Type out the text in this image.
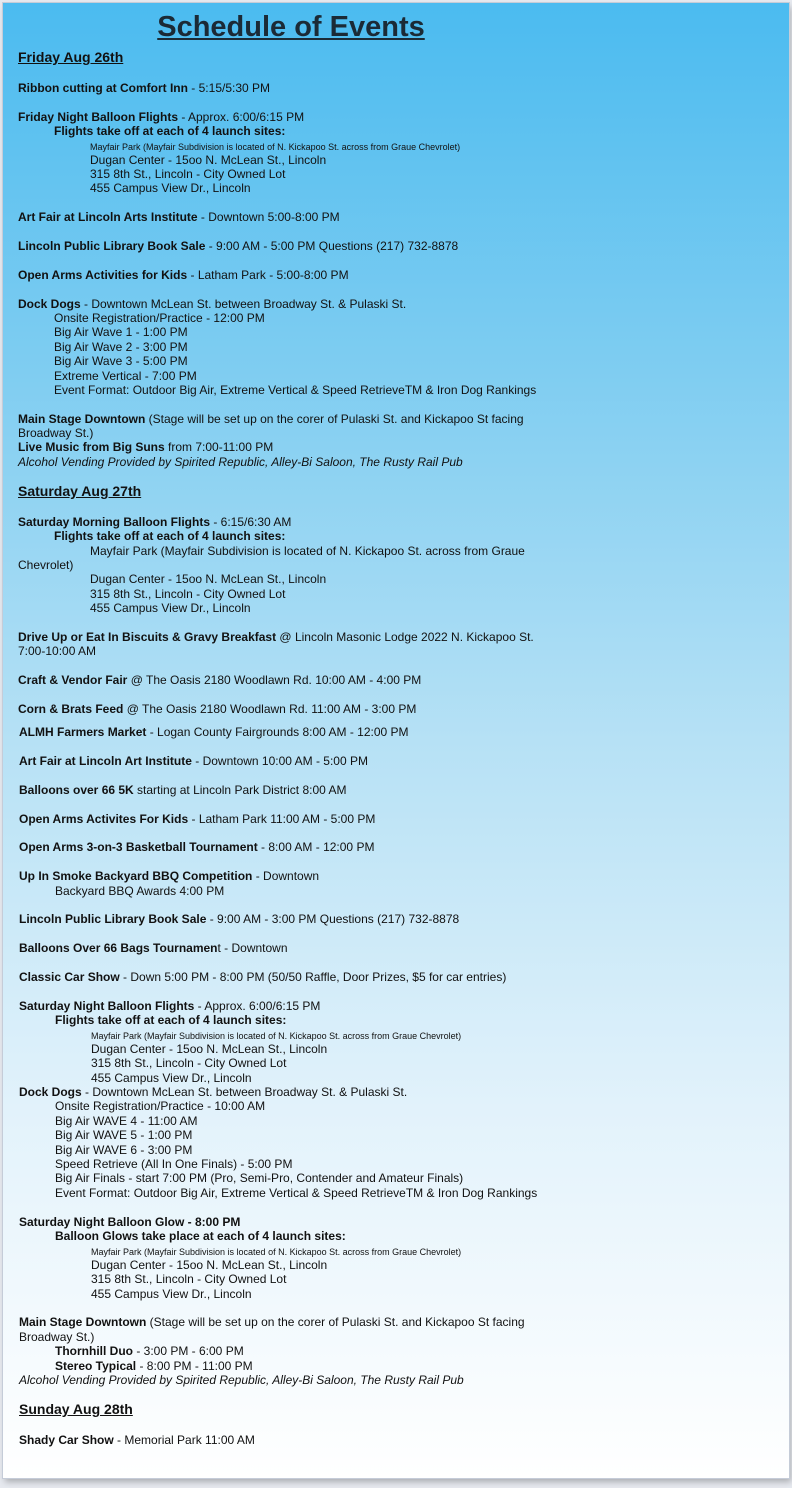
Schedule of Events
Friday Aug 26th
Ribbon cutting at Comfort Inn - 5:15/5:30 PM
Friday Night Balloon Flights - Approx. 6:00/6:15 PM
Flights take off at each of 4 launch sites:
Mayfair Park (Mayfair Subdivision is located of N. Kickapoo St. across from Graue Chevrolet)
Dugan Center - 15oo N. McLean St., Lincoln
315 8th St., Lincoln - City Owned Lot
455 Campus View Dr., Lincoln
Art Fair at Lincoln Arts Institute - Downtown 5:00-8:00 PM
Lincoln Public Library Book Sale - 9:00 AM - 5:00 PM Questions (217) 732-8878
Open Arms Activities for Kids - Latham Park - 5:00-8:00 PM
Dock Dogs - Downtown McLean St. between Broadway St. & Pulaski St.
Onsite Registration/Practice - 12:00 PM
Big Air Wave 1 - 1:00 PM
Big Air Wave 2 - 3:00 PM
Big Air Wave 3 - 5:00 PM
Extreme Vertical - 7:00 PM
Event Format: Outdoor Big Air, Extreme Vertical & Speed RetrieveTM & Iron Dog Rankings
Main Stage Downtown (Stage will be set up on the corer of Pulaski St. and Kickapoo St facing
Broadway St.)
Live Music from Big Suns from 7:00-11:00 PM
Alcohol Vending Provided by Spirited Republic, Alley-Bi Saloon, The Rusty Rail Pub
Saturday Aug 27th
Saturday Morning Balloon Flights - 6:15/6:30 AM
Flights take off at each of 4 launch sites:
Mayfair Park (Mayfair Subdivision is located of N. Kickapoo St. across from Graue
Chevrolet)
Dugan Center - 15oo N. McLean St., Lincoln
315 8th St., Lincoln - City Owned Lot
455 Campus View Dr., Lincoln
Drive Up or Eat In Biscuits & Gravy Breakfast @ Lincoln Masonic Lodge 2022 N. Kickapoo St.
7:00-10:00 AM
Craft & Vendor Fair @ The Oasis 2180 Woodlawn Rd. 10:00 AM - 4:00 PM
Corn & Brats Feed @ The Oasis 2180 Woodlawn Rd. 11:00 AM - 3:00 PM
ALMH Farmers Market - Logan County Fairgrounds 8:00 AM - 12:00 PM
Art Fair at Lincoln Art Institute - Downtown 10:00 AM - 5:00 PM
Balloons over 66 5K starting at Lincoln Park District 8:00 AM
Open Arms Activites For Kids - Latham Park 11:00 AM - 5:00 PM
Open Arms 3-on-3 Basketball Tournament - 8:00 AM - 12:00 PM
Up In Smoke Backyard BBQ Competition - Downtown
Backyard BBQ Awards 4:00 PM
Lincoln Public Library Book Sale - 9:00 AM - 3:00 PM Questions (217) 732-8878
Balloons Over 66 Bags Tournament - Downtown
Classic Car Show - Down 5:00 PM - 8:00 PM (50/50 Raffle, Door Prizes, $5 for car entries)
Saturday Night Balloon Flights - Approx. 6:00/6:15 PM
Flights take off at each of 4 launch sites:
Mayfair Park (Mayfair Subdivision is located of N. Kickapoo St. across from Graue Chevrolet)
Dugan Center - 15oo N. McLean St., Lincoln
315 8th St., Lincoln - City Owned Lot
455 Campus View Dr., Lincoln
Dock Dogs - Downtown McLean St. between Broadway St. & Pulaski St.
Onsite Registration/Practice - 10:00 AM
Big Air WAVE 4 - 11:00 AM
Big Air WAVE 5 - 1:00 PM
Big Air WAVE 6 - 3:00 PM
Speed Retrieve (All In One Finals) - 5:00 PM
Big Air Finals - start 7:00 PM (Pro, Semi-Pro, Contender and Amateur Finals)
Event Format: Outdoor Big Air, Extreme Vertical & Speed RetrieveTM & Iron Dog Rankings
Saturday Night Balloon Glow - 8:00 PM
Balloon Glows take place at each of 4 launch sites:
Mayfair Park (Mayfair Subdivision is located of N. Kickapoo St. across from Graue Chevrolet)
Dugan Center - 15oo N. McLean St., Lincoln
315 8th St., Lincoln - City Owned Lot
455 Campus View Dr., Lincoln
Main Stage Downtown (Stage will be set up on the corer of Pulaski St. and Kickapoo St facing
Broadway St.)
Thornhill Duo - 3:00 PM - 6:00 PM
Stereo Typical - 8:00 PM - 11:00 PM
Alcohol Vending Provided by Spirited Republic, Alley-Bi Saloon, The Rusty Rail Pub
Sunday Aug 28th
Shady Car Show - Memorial Park 11:00 AM
